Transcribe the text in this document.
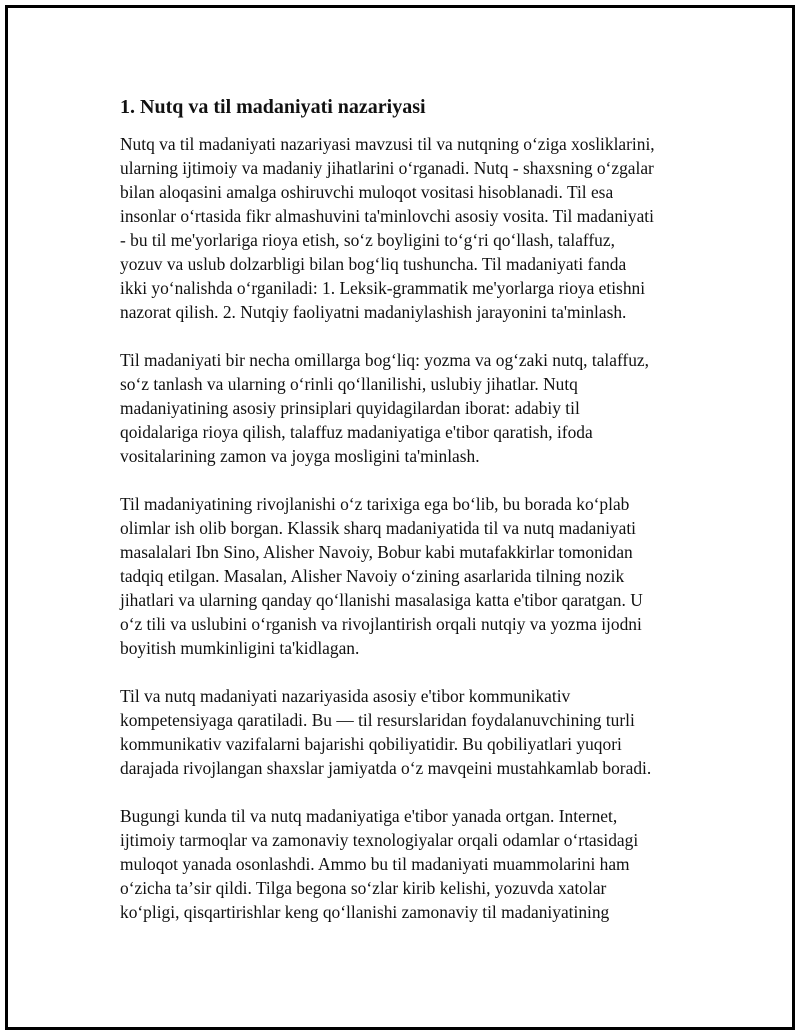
1. Nutq va til madaniyati nazariyasi

Nutq va til madaniyati nazariyasi mavzusi til va nutqning oʻziga xosliklarini,
ularning ijtimoiy va madaniy jihatlarini oʻrganadi. Nutq - shaxsning oʻzgalar
bilan aloqasini amalga oshiruvchi muloqot vositasi hisoblanadi. Til esa
insonlar oʻrtasida fikr almashuvini ta'minlovchi asosiy vosita. Til madaniyati
- bu til me'yorlariga rioya etish, soʻz boyligini toʻgʻri qoʻllash, talaffuz,
yozuv va uslub dolzarbligi bilan bogʻliq tushuncha. Til madaniyati fanda
ikki yoʻnalishda oʻrganiladi: 1. Leksik-grammatik me'yorlarga rioya etishni
nazorat qilish. 2. Nutqiy faoliyatni madaniylashish jarayonini ta'minlash.

Til madaniyati bir necha omillarga bogʻliq: yozma va ogʻzaki nutq, talaffuz,
soʻz tanlash va ularning oʻrinli qoʻllanilishi, uslubiy jihatlar. Nutq
madaniyatining asosiy prinsiplari quyidagilardan iborat: adabiy til
qoidalariga rioya qilish, talaffuz madaniyatiga e'tibor qaratish, ifoda
vositalarining zamon va joyga mosligini ta'minlash.

Til madaniyatining rivojlanishi oʻz tarixiga ega boʻlib, bu borada koʻplab
olimlar ish olib borgan. Klassik sharq madaniyatida til va nutq madaniyati
masalalari Ibn Sino, Alisher Navoiy, Bobur kabi mutafakkirlar tomonidan
tadqiq etilgan. Masalan, Alisher Navoiy oʻzining asarlarida tilning nozik
jihatlari va ularning qanday qoʻllanishi masalasiga katta e'tibor qaratgan. U
oʻz tili va uslubini oʻrganish va rivojlantirish orqali nutqiy va yozma ijodni
boyitish mumkinligini ta'kidlagan.

Til va nutq madaniyati nazariyasida asosiy e'tibor kommunikativ
kompetensiyaga qaratiladi. Bu — til resurslaridan foydalanuvchining turli
kommunikativ vazifalarni bajarishi qobiliyatidir. Bu qobiliyatlari yuqori
darajada rivojlangan shaxslar jamiyatda oʻz mavqeini mustahkamlab boradi.

Bugungi kunda til va nutq madaniyatiga e'tibor yanada ortgan. Internet,
ijtimoiy tarmoqlar va zamonaviy texnologiyalar orqali odamlar oʻrtasidagi
muloqot yanada osonlashdi. Ammo bu til madaniyati muammolarini ham
oʻzicha taʼsir qildi. Tilga begona soʻzlar kirib kelishi, yozuvda xatolar
koʻpligi, qisqartirishlar keng qoʻllanishi zamonaviy til madaniyatining
